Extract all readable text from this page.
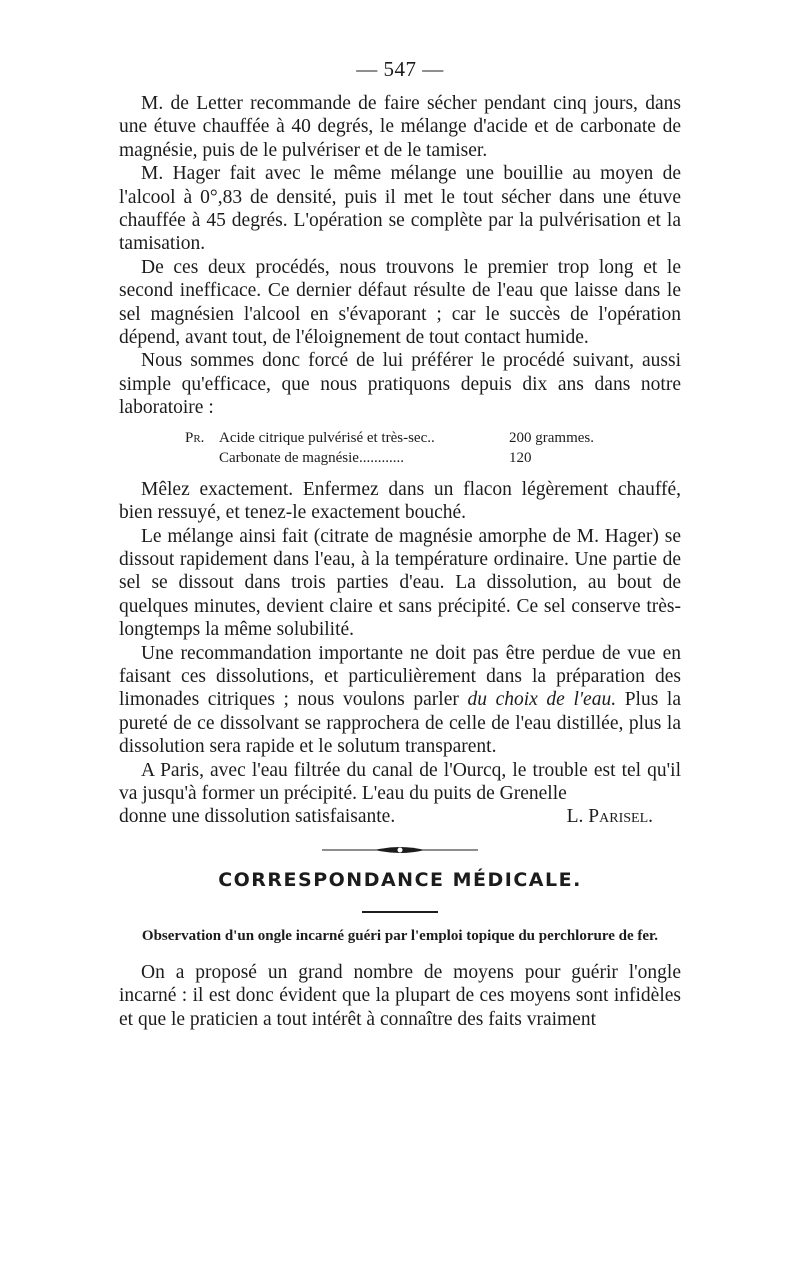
— 547 —

M. de Letter recommande de faire sécher pendant cinq jours, dans une étuve chauffée à 40 degrés, le mélange d'acide et de carbonate de magnésie, puis de le pulvériser et de le tamiser.

M. Hager fait avec le même mélange une bouillie au moyen de l'alcool à 0°,83 de densité, puis il met le tout sécher dans une étuve chauffée à 45 degrés. L'opération se complète par la pulvérisation et la tamisation.

De ces deux procédés, nous trouvons le premier trop long et le second inefficace. Ce dernier défaut résulte de l'eau que laisse dans le sel magnésien l'alcool en s'évaporant ; car le succès de l'opération dépend, avant tout, de l'éloignement de tout contact humide.

Nous sommes donc forcé de lui préférer le procédé suivant, aussi simple qu'efficace, que nous pratiquons depuis dix ans dans notre laboratoire :

Pr. Acide citrique pulvérisé et très-sec..	200 grammes.
Carbonate de magnésie............	120

Mêlez exactement. Enfermez dans un flacon légèrement chauffé, bien ressuyé, et tenez-le exactement bouché.

Le mélange ainsi fait (citrate de magnésie amorphe de M. Hager) se dissout rapidement dans l'eau, à la température ordinaire. Une partie de sel se dissout dans trois parties d'eau. La dissolution, au bout de quelques minutes, devient claire et sans précipité. Ce sel conserve très-longtemps la même solubilité.

Une recommandation importante ne doit pas être perdue de vue en faisant ces dissolutions, et particulièrement dans la préparation des limonades citriques ; nous voulons parler du choix de l'eau. Plus la pureté de ce dissolvant se rapprochera de celle de l'eau distillée, plus la dissolution sera rapide et le solutum transparent.

A Paris, avec l'eau filtrée du canal de l'Ourcq, le trouble est tel qu'il va jusqu'à former un précipité. L'eau du puits de Grenelle

donne une dissolution satisfaisante.	L. Parisel.
CORRESPONDANCE MÉDICALE.
Observation d'un ongle incarné guéri par l'emploi topique du perchlorure de fer.

On a proposé un grand nombre de moyens pour guérir l'ongle incarné : il est donc évident que la plupart de ces moyens sont infidèles et que le praticien a tout intérêt à connaître des faits vraiment
